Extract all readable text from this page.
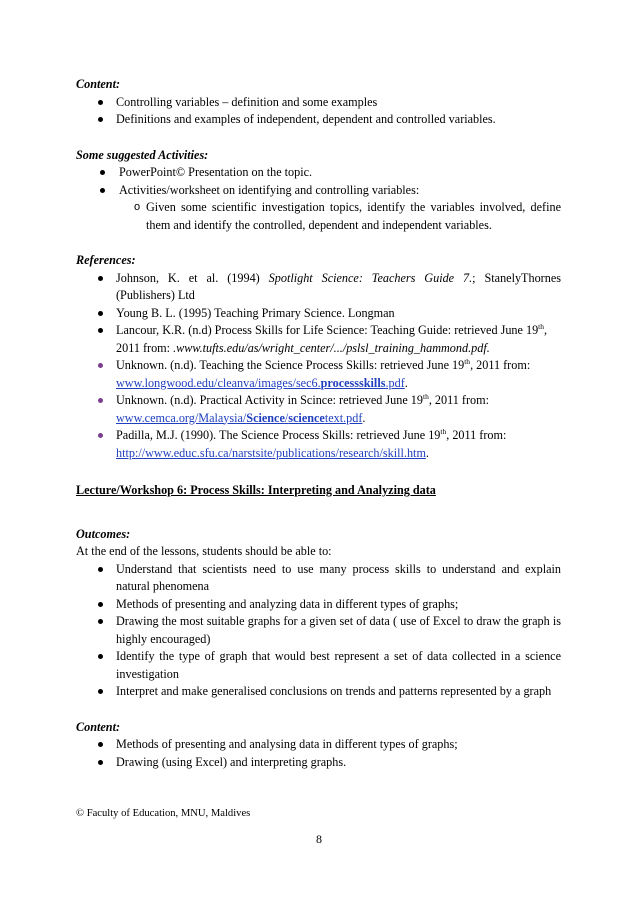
Content:

Controlling variables – definition and some examples
Definitions and examples of independent, dependent and controlled variables.

Some suggested Activities:

PowerPoint© Presentation on the topic.
Activities/worksheet on identifying and controlling variables:
o Given some scientific investigation topics, identify the variables involved, define them and identify the controlled, dependent and independent variables.

References:

Johnson, K. et al. (1994) Spotlight Science: Teachers Guide 7.; StanelyThornes (Publishers) Ltd
Young B. L. (1995) Teaching Primary Science. Longman
Lancour, K.R. (n.d) Process Skills for Life Science: Teaching Guide: retrieved June 19th, 2011 from: .www.tufts.edu/as/wright_center/.../pslsl_training_hammond.pdf.
Unknown. (n.d). Teaching the Science Process Skills: retrieved June 19th, 2011 from:
www.longwood.edu/cleanva/images/sec6.processskills.pdf.
Unknown. (n.d). Practical Activity in Scince: retrieved June 19th, 2011 from:
www.cemca.org/Malaysia/Science/sciencetext.pdf.
Padilla, M.J. (1990). The Science Process Skills: retrieved June 19th, 2011 from:
http://www.educ.sfu.ca/narstsite/publications/research/skill.htm.

Lecture/Workshop 6: Process Skills: Interpreting and Analyzing data

Outcomes:

At the end of the lessons, students should be able to:

Understand that scientists need to use many process skills to understand and explain natural phenomena
Methods of presenting and analyzing data in different types of graphs;
Drawing the most suitable graphs for a given set of data ( use of Excel to draw the graph is highly encouraged)
Identify the type of graph that would best represent a set of data collected in a science investigation
Interpret and make generalised conclusions on trends and patterns represented by a graph

Content:

Methods of presenting and analysing data in different types of graphs;
Drawing (using Excel) and interpreting graphs.
© Faculty of Education, MNU, Maldives
8
